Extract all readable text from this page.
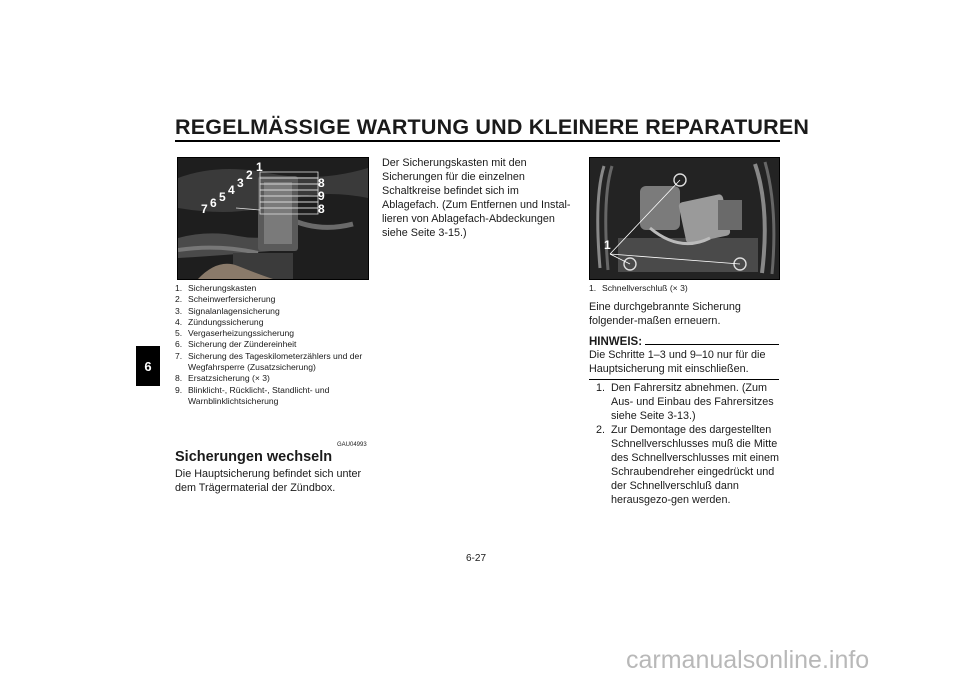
REGELMÄSSIGE WARTUNG UND KLEINERE REPARATUREN
6
1
2
3
4
5
6
7
8
9
8
1. Sicherungskasten
2. Scheinwerfersicherung
3. Signalanlagensicherung
4. Zündungssicherung
5. Vergaserheizungssicherung
6. Sicherung der Zündereinheit
7. Sicherung des Tageskilometerzählers und der Wegfahrsperre (Zusatzsicherung)
8. Ersatzsicherung (× 3)
9. Blinklicht-, Rücklicht-, Standlicht- und Warnblinklichtsicherung
GAU04993
Sicherungen wechseln

Die Hauptsicherung befindet sich unter dem Trägermaterial der Zündbox.

Der Sicherungskasten mit den Sicherungen für die einzelnen Schaltkreise befindet sich im Ablagefach. (Zum Entfernen und Instal-lieren von Ablagefach-Abdeckungen siehe Seite 3-15.)

1
1. Schnellverschluß (× 3)

Eine durchgebrannte Sicherung folgender-maßen erneuern.

HINWEIS:

Die Schritte 1–3 und 9–10 nur für die Hauptsicherung mit einschließen.

1. Den Fahrersitz abnehmen. (Zum Aus- und Einbau des Fahrersitzes siehe Seite 3-13.)
2. Zur Demontage des dargestellten Schnellverschlusses muß die Mitte des Schnellverschlusses mit einem Schraubendreher eingedrückt und der Schnellverschluß dann herausgezo-gen werden.
6-27
carmanualsonline.info
